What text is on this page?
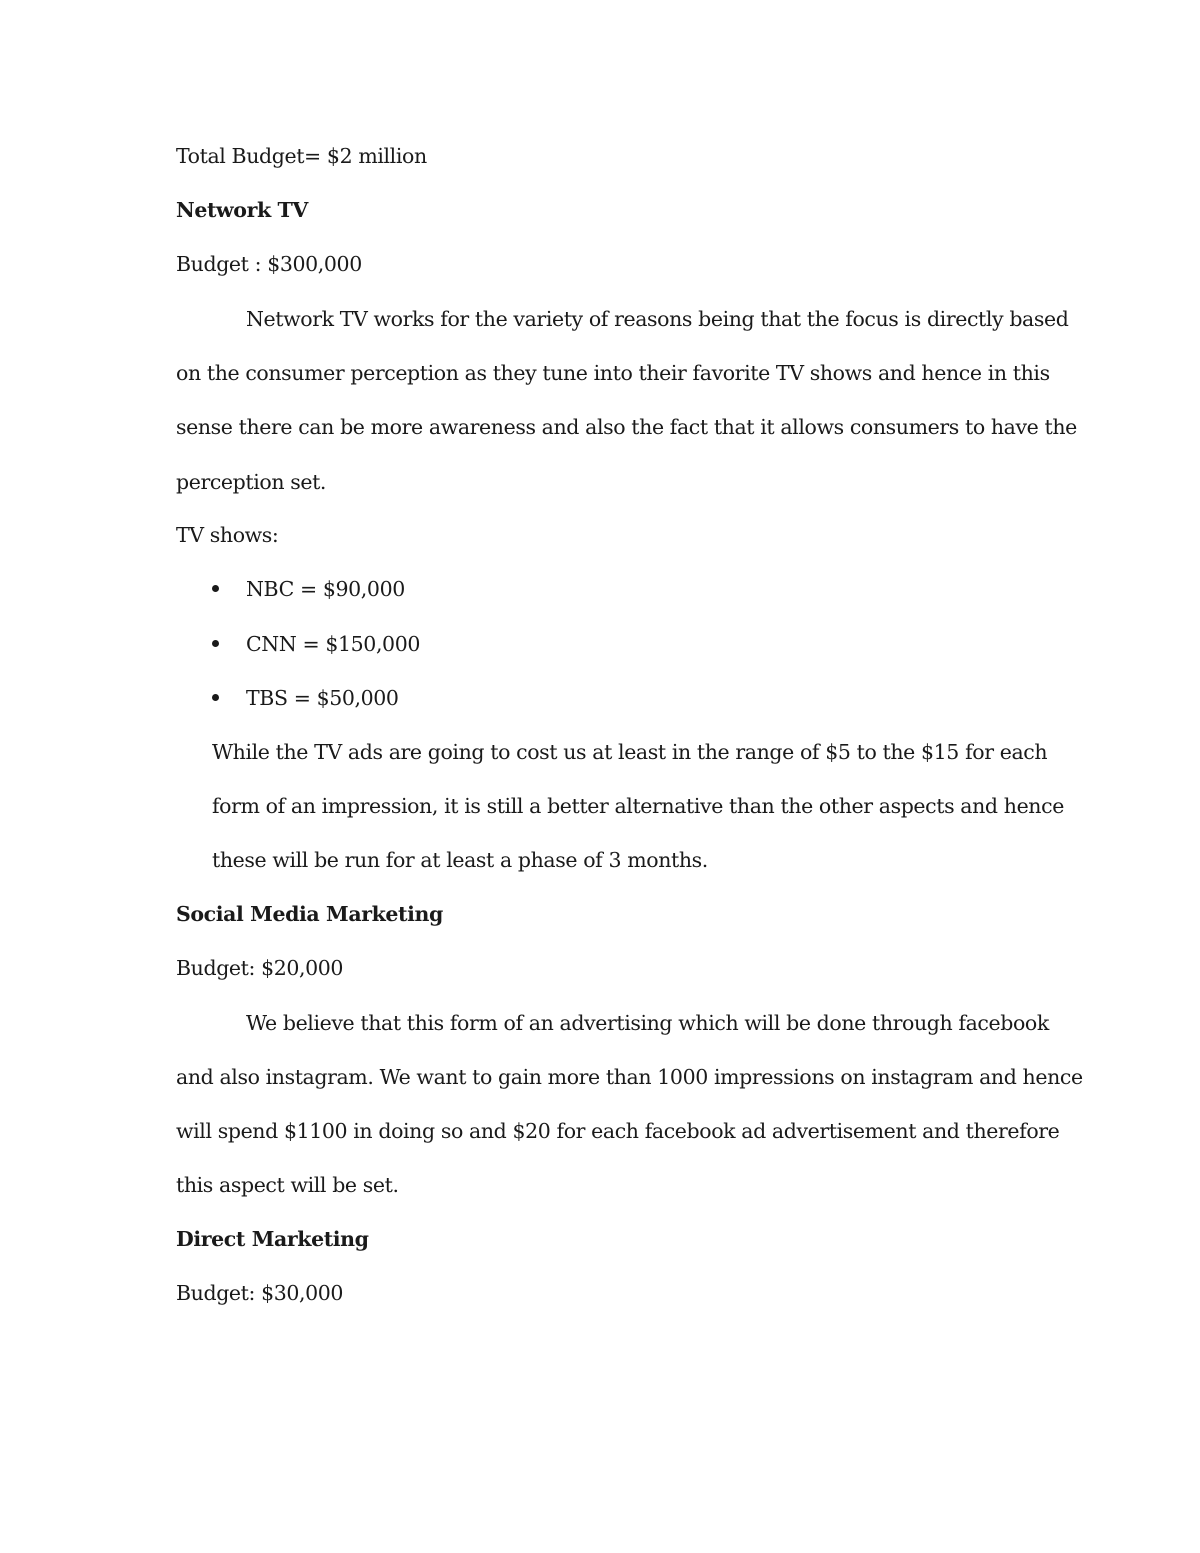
Total Budget= $2 million
Network TV
Budget : $300,000
Network TV works for the variety of reasons being that the focus is directly based
on the consumer perception as they tune into their favorite TV shows and hence in this
sense there can be more awareness and also the fact that it allows consumers to have the
perception set.
TV shows:
NBC = $90,000
CNN = $150,000
TBS = $50,000
While the TV ads are going to cost us at least in the range of $5 to the $15 for each
form of an impression, it is still a better alternative than the other aspects and hence
these will be run for at least a phase of 3 months.
Social Media Marketing
Budget: $20,000
We believe that this form of an advertising which will be done through facebook
and also instagram. We want to gain more than 1000 impressions on instagram and hence
will spend $1100 in doing so and $20 for each facebook ad advertisement and therefore
this aspect will be set.
Direct Marketing
Budget: $30,000
